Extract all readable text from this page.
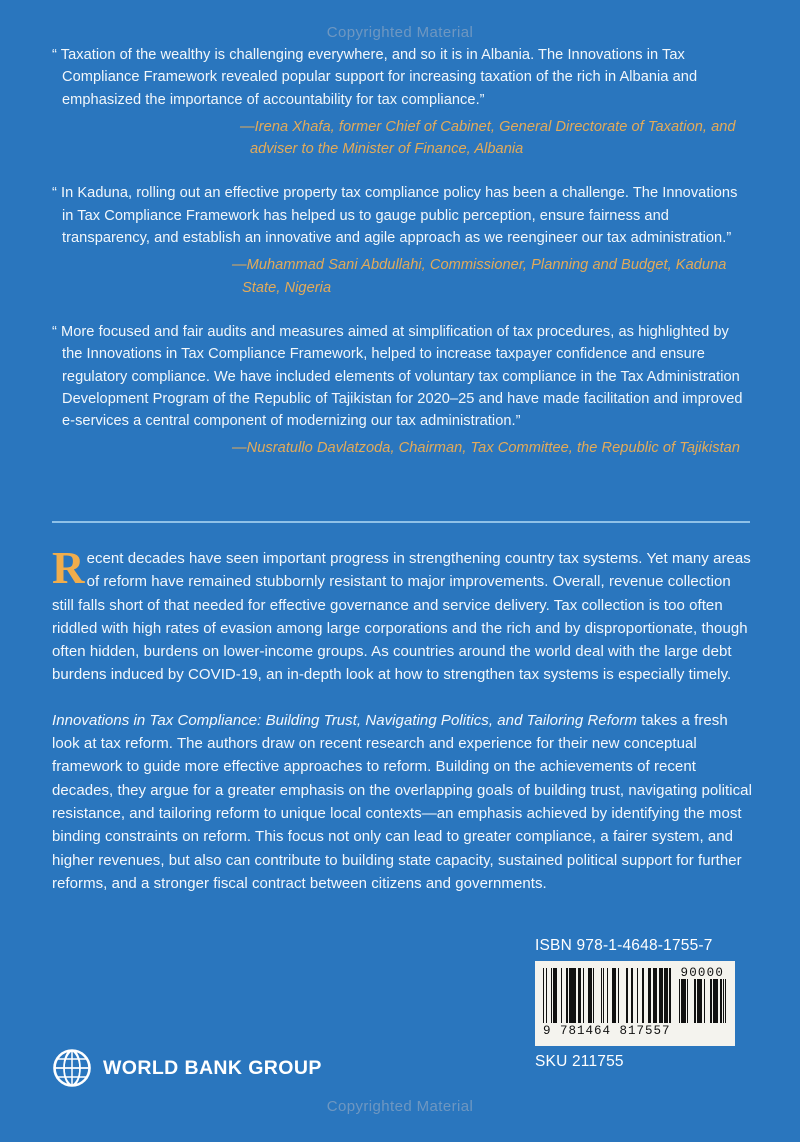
Copyrighted Material
“ Taxation of the wealthy is challenging everywhere, and so it is in Albania. The Innovations in Tax Compliance Framework revealed popular support for increasing taxation of the rich in Albania and emphasized the importance of accountability for tax compliance.”
—Irena Xhafa, former Chief of Cabinet, General Directorate of Taxation, and adviser to the Minister of Finance, Albania
“ In Kaduna, rolling out an effective property tax compliance policy has been a challenge. The Innovations in Tax Compliance Framework has helped us to gauge public perception, ensure fairness and transparency, and establish an innovative and agile approach as we reengineer our tax administration.”
—Muhammad Sani Abdullahi, Commissioner, Planning and Budget, Kaduna State, Nigeria
“ More focused and fair audits and measures aimed at simplification of tax procedures, as highlighted by the Innovations in Tax Compliance Framework, helped to increase taxpayer confidence and ensure regulatory compliance. We have included elements of voluntary tax compliance in the Tax Administration Development Program of the Republic of Tajikistan for 2020–25 and have made facilitation and improved e-services a central component of modernizing our tax administration.”
—Nusratullo Davlatzoda, Chairman, Tax Committee, the Republic of Tajikistan

Recent decades have seen important progress in strengthening country tax systems. Yet many areas of reform have remained stubbornly resistant to major improvements. Overall, revenue collection still falls short of that needed for effective governance and service delivery. Tax collection is too often riddled with high rates of evasion among large corporations and the rich and by disproportionate, though often hidden, burdens on lower-income groups. As countries around the world deal with the large debt burdens induced by COVID-19, an in-depth look at how to strengthen tax systems is especially timely.

Innovations in Tax Compliance: Building Trust, Navigating Politics, and Tailoring Reform takes a fresh look at tax reform. The authors draw on recent research and experience for their new conceptual framework to guide more effective approaches to reform. Building on the achievements of recent decades, they argue for a greater emphasis on the overlapping goals of building trust, navigating political resistance, and tailoring reform to unique local contexts—an emphasis achieved by identifying the most binding constraints on reform. This focus not only can lead to greater compliance, a fairer system, and higher revenues, but also can contribute to building state capacity, sustained political support for further reforms, and a stronger fiscal contract between citizens and governments.

ISBN 978-1-4648-1755-7
9 781464 817557
90000
SKU 211755
WORLD BANK GROUP
Copyrighted Material
